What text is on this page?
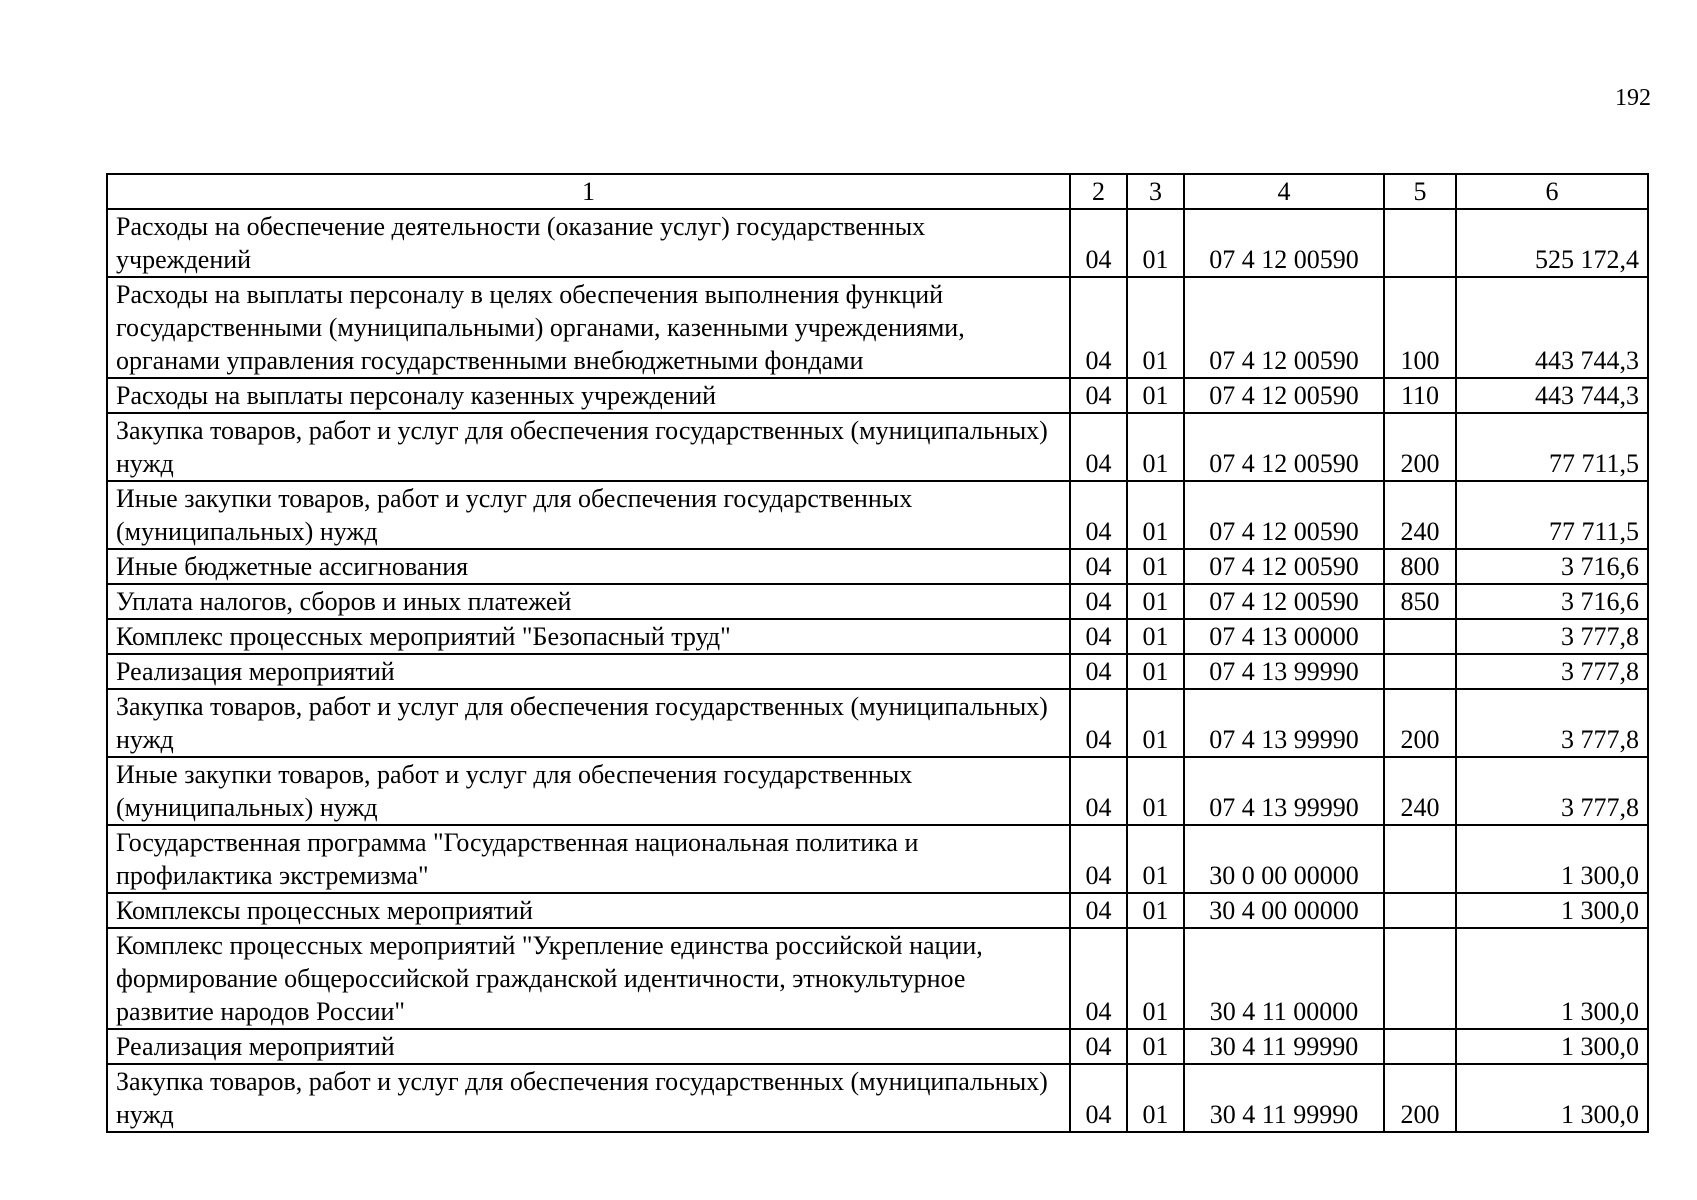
192
1	2	3	4	5	6
Расходы на обеспечение деятельности (оказание услуг) государственных учреждений	04	01	07 4 12 00590		525 172,4
Расходы на выплаты персоналу в целях обеспечения выполнения функций государственными (муниципальными) органами, казенными учреждениями, органами управления государственными внебюджетными фондами	04	01	07 4 12 00590	100	443 744,3
Расходы на выплаты персоналу казенных учреждений	04	01	07 4 12 00590	110	443 744,3
Закупка товаров, работ и услуг для обеспечения государственных (муниципальных) нужд	04	01	07 4 12 00590	200	77 711,5
Иные закупки товаров, работ и услуг для обеспечения государственных (муниципальных) нужд	04	01	07 4 12 00590	240	77 711,5
Иные бюджетные ассигнования	04	01	07 4 12 00590	800	3 716,6
Уплата налогов, сборов и иных платежей	04	01	07 4 12 00590	850	3 716,6
Комплекс процессных мероприятий "Безопасный труд"	04	01	07 4 13 00000		3 777,8
Реализация мероприятий	04	01	07 4 13 99990		3 777,8
Закупка товаров, работ и услуг для обеспечения государственных (муниципальных) нужд	04	01	07 4 13 99990	200	3 777,8
Иные закупки товаров, работ и услуг для обеспечения государственных (муниципальных) нужд	04	01	07 4 13 99990	240	3 777,8
Государственная программа "Государственная национальная политика и профилактика экстремизма"	04	01	30 0 00 00000		1 300,0
Комплексы процессных мероприятий	04	01	30 4 00 00000		1 300,0
Комплекс процессных мероприятий "Укрепление единства российской нации, формирование общероссийской гражданской идентичности, этнокультурное развитие народов России"	04	01	30 4 11 00000		1 300,0
Реализация мероприятий	04	01	30 4 11 99990		1 300,0
Закупка товаров, работ и услуг для обеспечения государственных (муниципальных) нужд	04	01	30 4 11 99990	200	1 300,0
